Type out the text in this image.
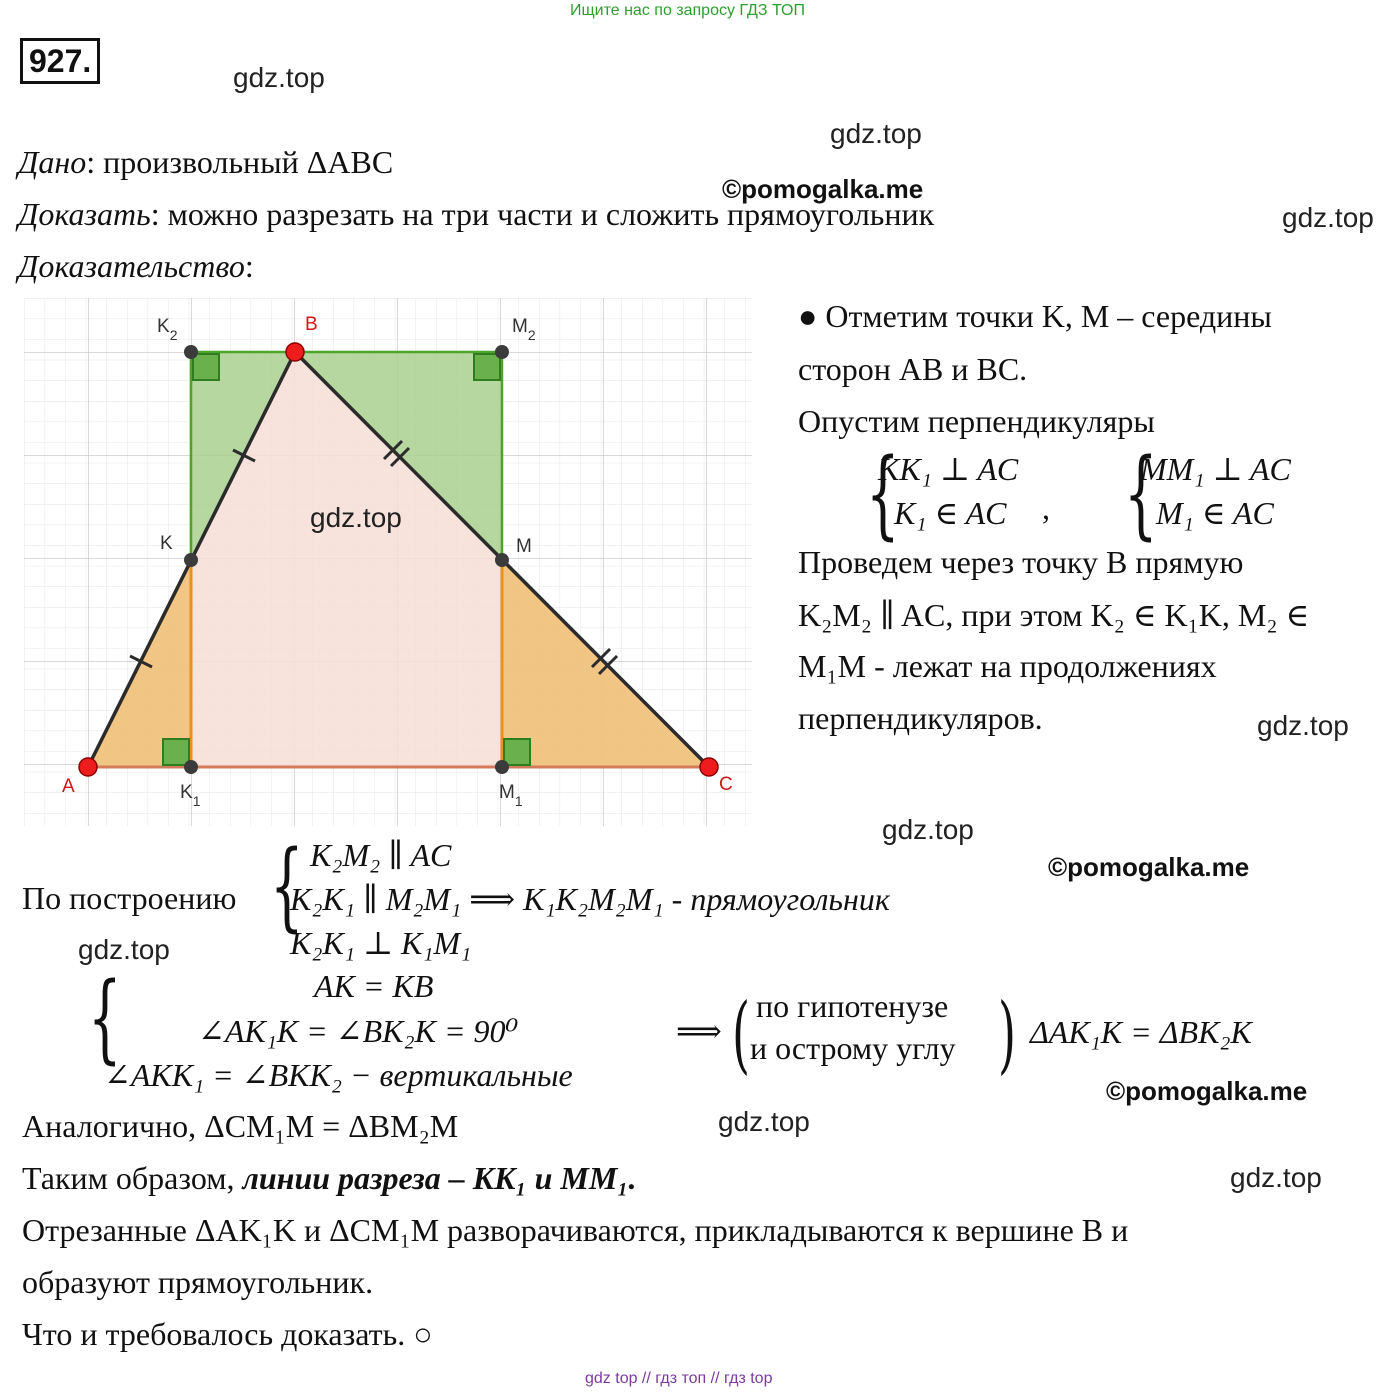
Ищите нас по запросу ГДЗ ТОП
927.	gdz.top
gdz.top
©pomogalka.me
gdz.top
Дано: произвольный ΔABC
Доказать: можно разрезать на три части и сложить прямоугольник
Доказательство:
$K_2$	B	$M_2$
K	M
A	$K_1$	$M_1$
C
gdz.top
● Отметим точки K, M – середины
сторон AB и BC.
Опустим перпендикуляры
{
KK₁ ⊥ AC
K₁ ∈ AC , {
MM₁ ⊥ AC
M₁ ∈ AC
Проведем через точку B прямую
K₂M₂ ∥ AC, при этом K₂ ∈ K₁K, M₂ ∈
M₁M - лежат на продолжениях
перпендикуляров.	gdz.top
gdz.top
©pomogalka.me
По построению { K₂M₂ ∥ AC
K₂K₁ ∥ M₂M₁ ⟹ K₁K₂M₂M₁ - прямоугольник
K₂K₁ ⊥ K₁M₁
gdz.top
{	AK = KB
∠AK₁K = ∠BK₂K = 90⁰
∠AKK₁ = ∠BKK₂ − вертикальные
⟹ ( по гипотенузе
и острому углу ) ΔAK₁K = ΔBK₂K
©pomogalka.me
Аналогично, ΔCM₁M = ΔBM₂M	gdz.top
Таким образом, линии разреза – KK₁ и MM₁.	gdz.top
Отрезанные ΔAK₁K и ΔCM₁M разворачиваются, прикладываются к вершине B и
образуют прямоугольник.
Что и требовалось доказать. ○
gdz top // гдз топ // гдз top
